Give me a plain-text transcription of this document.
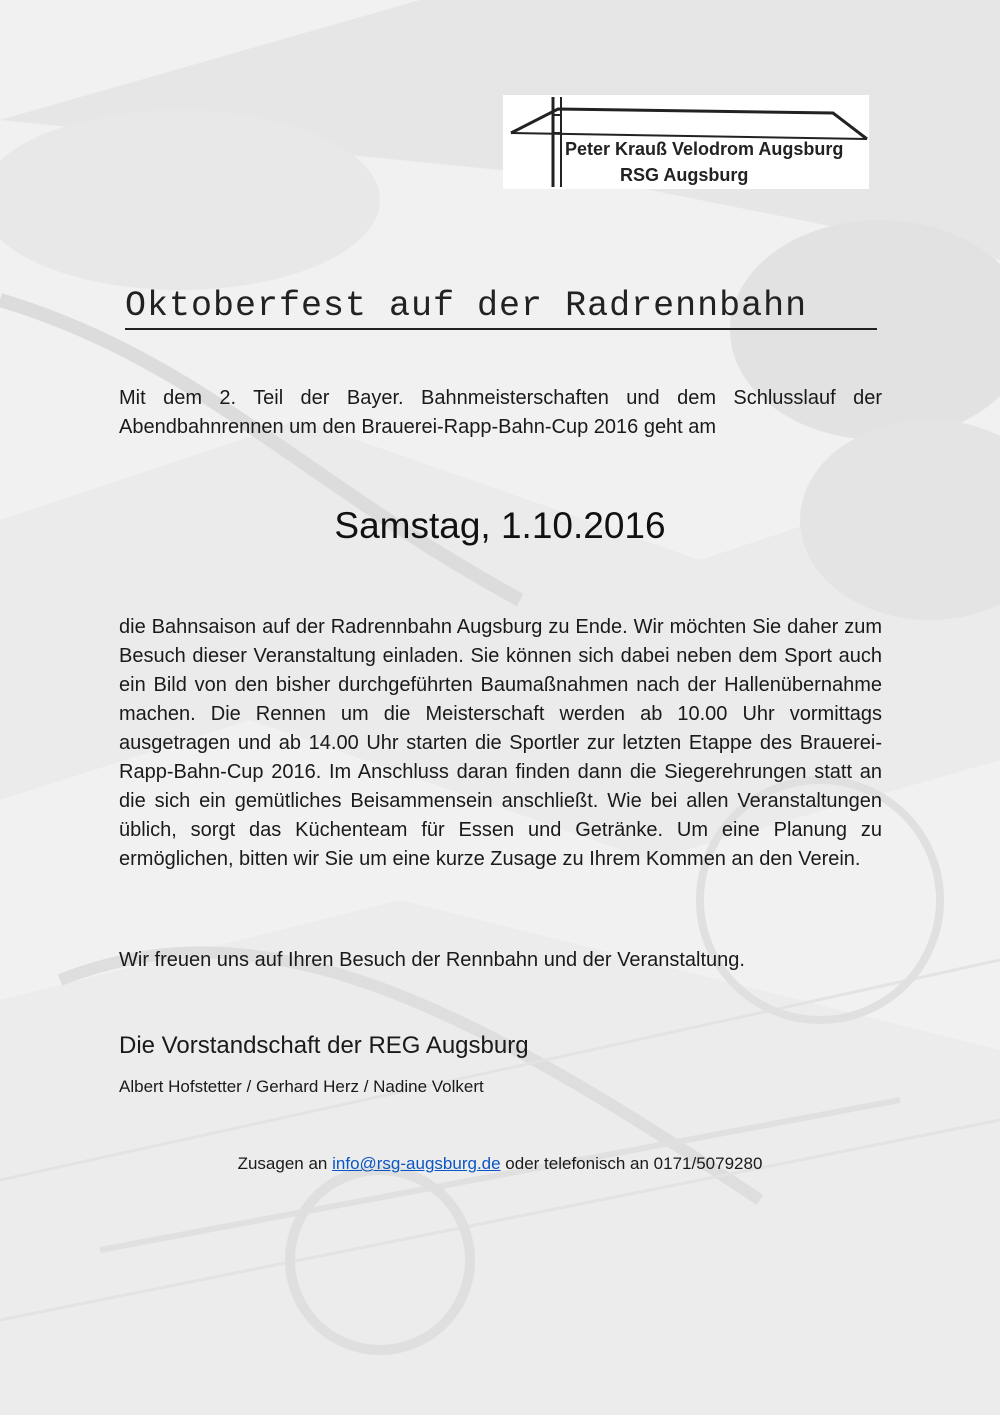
Peter Krauß Velodrom Augsburg
RSG Augsburg
Oktoberfest auf der Radrennbahn
Mit dem 2. Teil der Bayer. Bahnmeisterschaften und dem Schlusslauf der Abendbahnrennen um den Brauerei-Rapp-Bahn-Cup 2016 geht am
Samstag, 1.10.2016
die Bahnsaison auf der Radrennbahn Augsburg zu Ende. Wir möchten Sie daher zum Besuch dieser Veranstaltung einladen. Sie können sich dabei neben dem Sport auch ein Bild von den bisher durchgeführten Baumaßnahmen nach der Hallenübernahme machen. Die Rennen um die Meisterschaft werden ab 10.00 Uhr vormittags ausgetragen und ab 14.00 Uhr starten die Sportler zur letzten Etappe des Brauerei-Rapp-Bahn-Cup 2016. Im Anschluss daran finden dann die Siegerehrungen statt an die sich ein gemütliches Beisammensein anschließt. Wie bei allen Veranstaltungen üblich, sorgt das Küchenteam für Essen und Getränke. Um eine Planung zu ermöglichen, bitten wir Sie um eine kurze Zusage zu Ihrem Kommen an den Verein.
Wir freuen uns auf Ihren Besuch der Rennbahn und der Veranstaltung.
Die Vorstandschaft der REG Augsburg
Albert Hofstetter / Gerhard Herz / Nadine Volkert
Zusagen an info@rsg-augsburg.de oder telefonisch an 0171/5079280
